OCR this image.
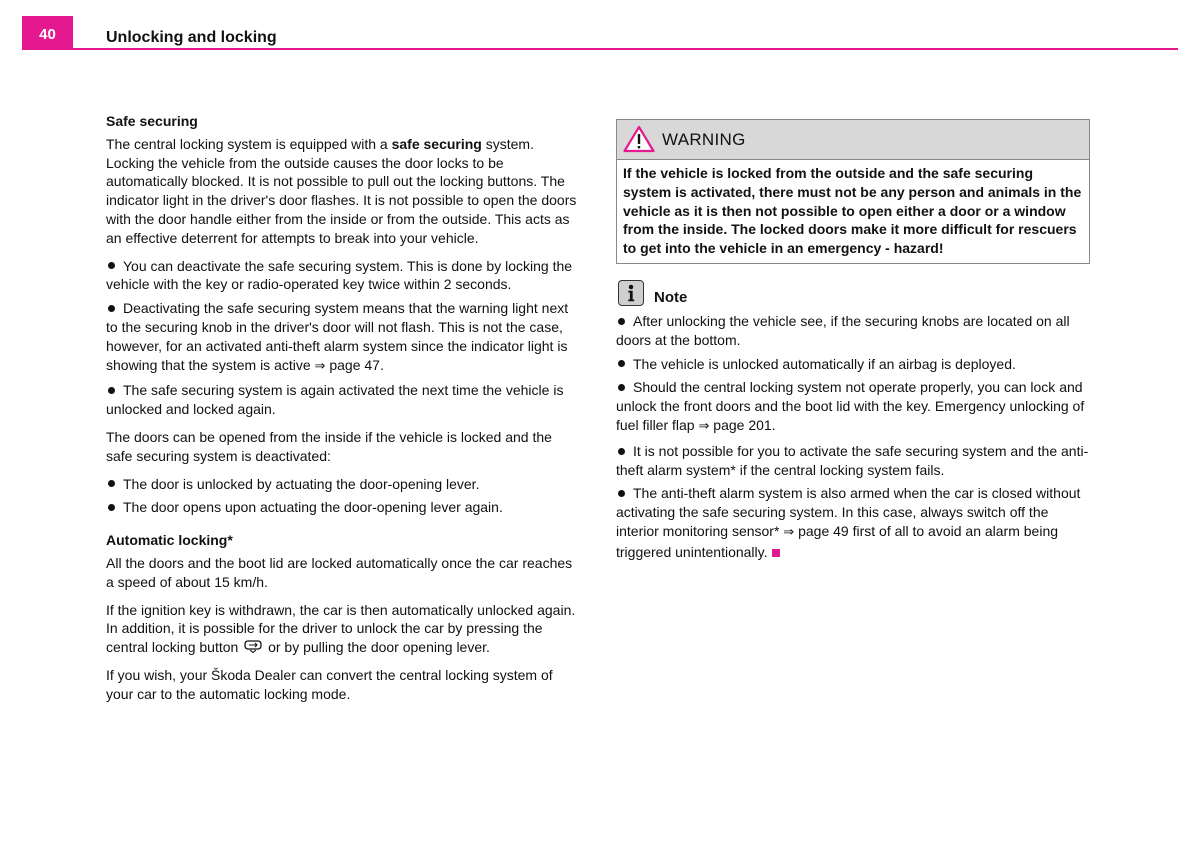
40	Unlocking and locking
Safe securing

The central locking system is equipped with a safe securing system. Locking the vehicle from the outside causes the door locks to be automatically blocked. It is not possible to pull out the locking buttons. The indicator light in the driver's door flashes. It is not possible to open the doors with the door handle either from the inside or from the outside. This acts as an effective deterrent for attempts to break into your vehicle.

You can deactivate the safe securing system. This is done by locking the vehicle with the key or radio-operated key twice within 2 seconds.
Deactivating the safe securing system means that the warning light next to the securing knob in the driver's door will not flash. This is not the case, however, for an activated anti-theft alarm system since the indicator light is showing that the system is active ⇒ page 47.
The safe securing system is again activated the next time the vehicle is unlocked and locked again.

The doors can be opened from the inside if the vehicle is locked and the safe securing system is deactivated:

The door is unlocked by actuating the door-opening lever.
The door opens upon actuating the door-opening lever again.
Automatic locking*

All the doors and the boot lid are locked automatically once the car reaches a speed of about 15 km/h.

If the ignition key is withdrawn, the car is then automatically unlocked again. In addition, it is possible for the driver to unlock the car by pressing the central locking button  or by pulling the door opening lever.

If you wish, your Škoda Dealer can convert the central locking system of your car to the automatic locking mode.

WARNING
If the vehicle is locked from the outside and the safe securing system is activated, there must not be any person and animals in the vehicle as it is then not possible to open either a door or a window from the inside. The locked doors make it more difficult for rescuers to get into the vehicle in an emergency - hazard!
Note
After unlocking the vehicle see, if the securing knobs are located on all doors at the bottom.
The vehicle is unlocked automatically if an airbag is deployed.
Should the central locking system not operate properly, you can lock and unlock the front doors and the boot lid with the key. Emergency unlocking of fuel filler flap ⇒ page 201.
It is not possible for you to activate the safe securing system and the anti-theft alarm system* if the central locking system fails.
The anti-theft alarm system is also armed when the car is closed without activating the safe securing system. In this case, always switch off the interior monitoring sensor* ⇒ page 49 first of all to avoid an alarm being triggered unintentionally.
